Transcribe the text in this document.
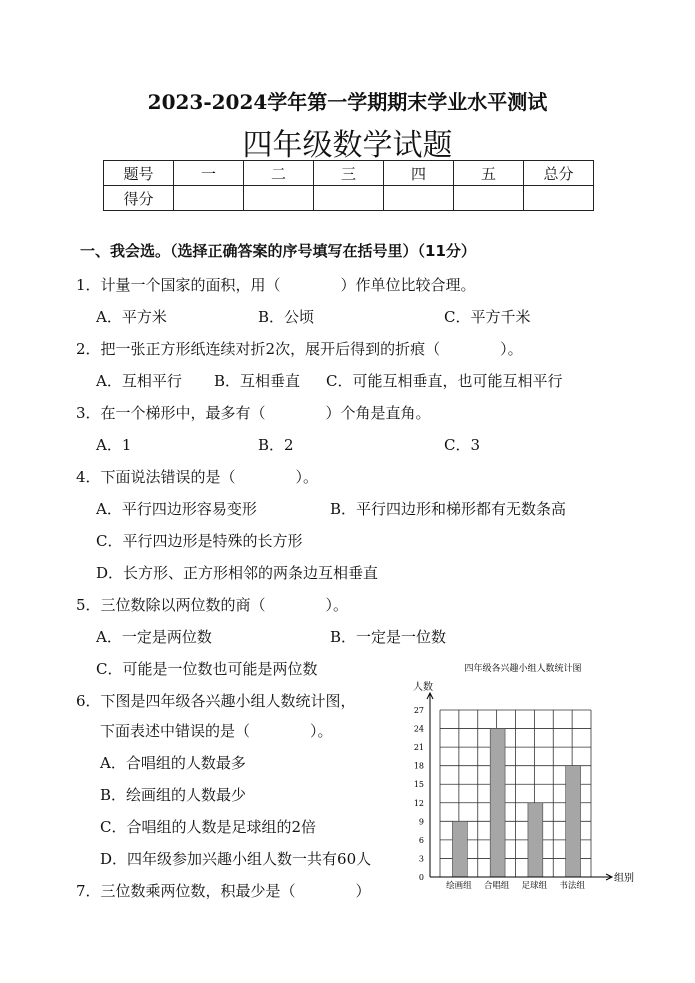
2023-2024学年第一学期期末学业水平测试
四年级数学试题
题号	一	二	三	四	五	总分
得分						
一、我会选。（选择正确答案的序号填写在括号里）（11分）
1．计量一个国家的面积，用（　　　　）作单位比较合理。
A．平方米	B．公顷	C．平方千米
2．把一张正方形纸连续对折2次，展开后得到的折痕（　　　　）。
A．互相平行 B．互相垂直 C．可能互相垂直，也可能互相平行
3．在一个梯形中，最多有（　　　　）个角是直角。
A．1	B．2	C．3
4．下面说法错误的是（　　　　）。
A．平行四边形容易变形	B．平行四边形和梯形都有无数条高
C．平行四边形是特殊的长方形
D．长方形、正方形相邻的两条边互相垂直
5．三位数除以两位数的商（　　　　）。
A．一定是两位数	B．一定是一位数
C．可能是一位数也可能是两位数
6．下图是四年级各兴趣小组人数统计图，
下面表述中错误的是（　　　　）。
A．合唱组的人数最多
B．绘画组的人数最少
C．合唱组的人数是足球组的2倍
D．四年级参加兴趣小组人数一共有60人
7．三位数乘两位数，积最少是（　　　　）
四年级各兴趣小组人数统计图
人数
组别
0
3
6
9
12
15
18
21
24
27
绘画组 合唱组 足球组 书法组
